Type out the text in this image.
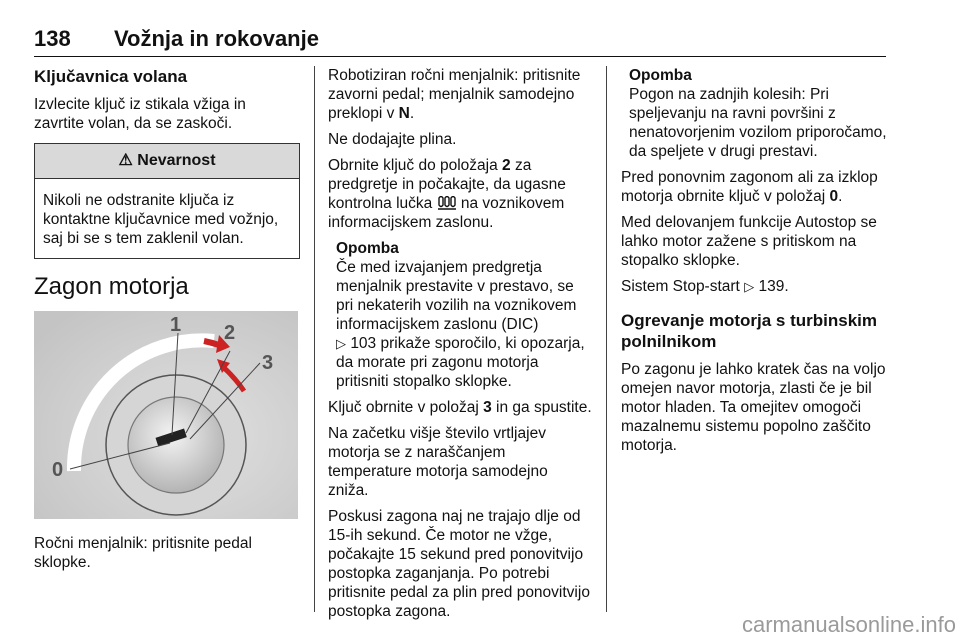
138 Vožnja in rokovanje
Ključavnica volana

Izvlecite ključ iz stikala vžiga in zavrtite volan, da se zaskoči.

⚠ Nevarnost
Nikoli ne odstranite ključa iz kontaktne ključavnice med vožnjo, saj bi se s tem zaklenil volan.
Zagon motorja
0
1 2
3

Ročni menjalnik: pritisnite pedal sklopke.

Robotiziran ročni menjalnik: pritisnite zavorni pedal; menjalnik samodejno preklopi v N.

Ne dodajajte plina.

Obrnite ključ do položaja 2 za predgretje in počakajte, da ugasne kontrolna lučka  na voznikovem informacijskem zaslonu.

Opomba
Če med izvajanjem predgretja menjalnik prestavite v prestavo, se pri nekaterih vozilih na voznikovem informacijskem zaslonu (DIC)
▷ 103 prikaže sporočilo, ki opozarja, da morate pri zagonu motorja pritisniti stopalko sklopke.

Ključ obrnite v položaj 3 in ga spustite.

Na začetku višje število vrtljajev motorja se z naraščanjem temperature motorja samodejno zniža.

Poskusi zagona naj ne trajajo dlje od 15-ih sekund. Če motor ne vžge, počakajte 15 sekund pred ponovitvijo postopka zaganjanja. Po potrebi pritisnite pedal za plin pred ponovitvijo postopka zagona.

Opomba
Pogon na zadnjih kolesih: Pri speljevanju na ravni površini z nenatovorjenim vozilom priporočamo, da speljete v drugi prestavi.

Pred ponovnim zagonom ali za izklop motorja obrnite ključ v položaj 0.

Med delovanjem funkcije Autostop se lahko motor zažene s pritiskom na stopalko sklopke.

Sistem Stop-start ▷ 139.

Ogrevanje motorja s turbinskim polnilnikom

Po zagonu je lahko kratek čas na voljo omejen navor motorja, zlasti če je bil motor hladen. Ta omejitev omogoči mazalnemu sistemu popolno zaščito motorja.

carmanualsonline.info
